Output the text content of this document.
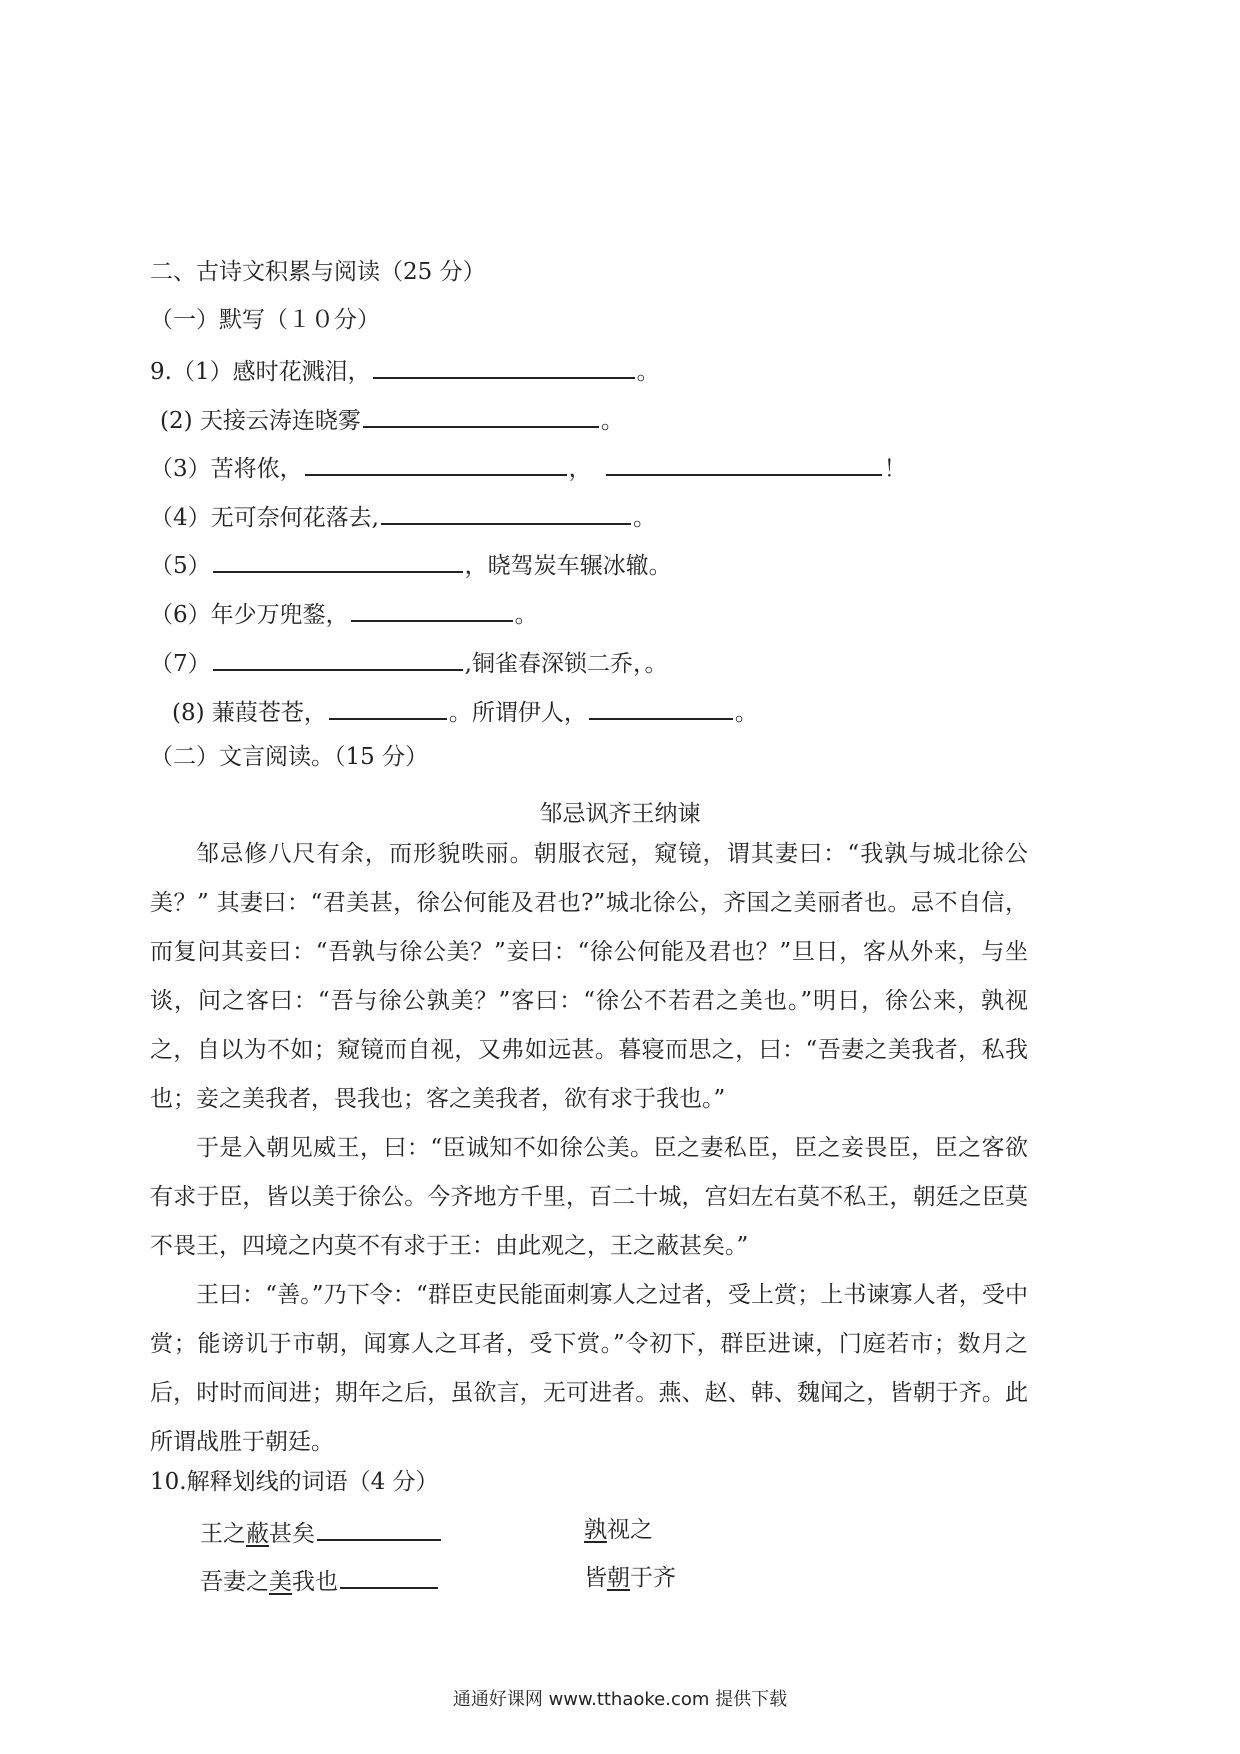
二、古诗文积累与阅读（25 分）
（一）默写（１０分）
9.（1）感时花溅泪，	。
(2) 天接云涛连晓雾	。
（3）苦将侬，	，	！
（4）无可奈何花落去,	。
（5）	，晓驾炭车辗冰辙。
（6）年少万兜鍪，	。
（7）	,铜雀春深锁二乔，。
(8) 蒹葭苍苍，	。所谓伊人，	。
（二）文言阅读。（15 分）
邹忌讽齐王纳谏
邹忌修八尺有余，而形貌昳丽。朝服衣冠，窥镜，谓其妻曰：“我孰与城北徐公美？” 其妻曰：“君美甚，徐公何能及君也?”城北徐公，齐国之美丽者也。忌不自信，而复问其妾曰：“吾孰与徐公美？”妾曰：“徐公何能及君也？”旦日，客从外来，与坐谈，问之客曰：“吾与徐公孰美？”客曰：“徐公不若君之美也。”明日，徐公来，孰视之，自以为不如；窥镜而自视，又弗如远甚。暮寝而思之，曰：“吾妻之美我者，私我也；妾之美我者，畏我也；客之美我者，欲有求于我也。”
于是入朝见威王，曰：“臣诚知不如徐公美。臣之妻私臣，臣之妾畏臣，臣之客欲有求于臣，皆以美于徐公。今齐地方千里，百二十城，宫妇左右莫不私王，朝廷之臣莫不畏王，四境之内莫不有求于王：由此观之，王之蔽甚矣。”
王曰：“善。”乃下令：“群臣吏民能面刺寡人之过者，受上赏；上书谏寡人者，受中赏；能谤讥于市朝，闻寡人之耳者，受下赏。”令初下，群臣进谏，门庭若市；数月之后，时时而间进；期年之后，虽欲言，无可进者。燕、赵、韩、魏闻之，皆朝于齐。此所谓战胜于朝廷。
10.解释划线的词语（4 分）
王之蔽甚矣	孰视之
吾妻之美我也	皆朝于齐
通通好课网 www.tthaoke.com 提供下载
